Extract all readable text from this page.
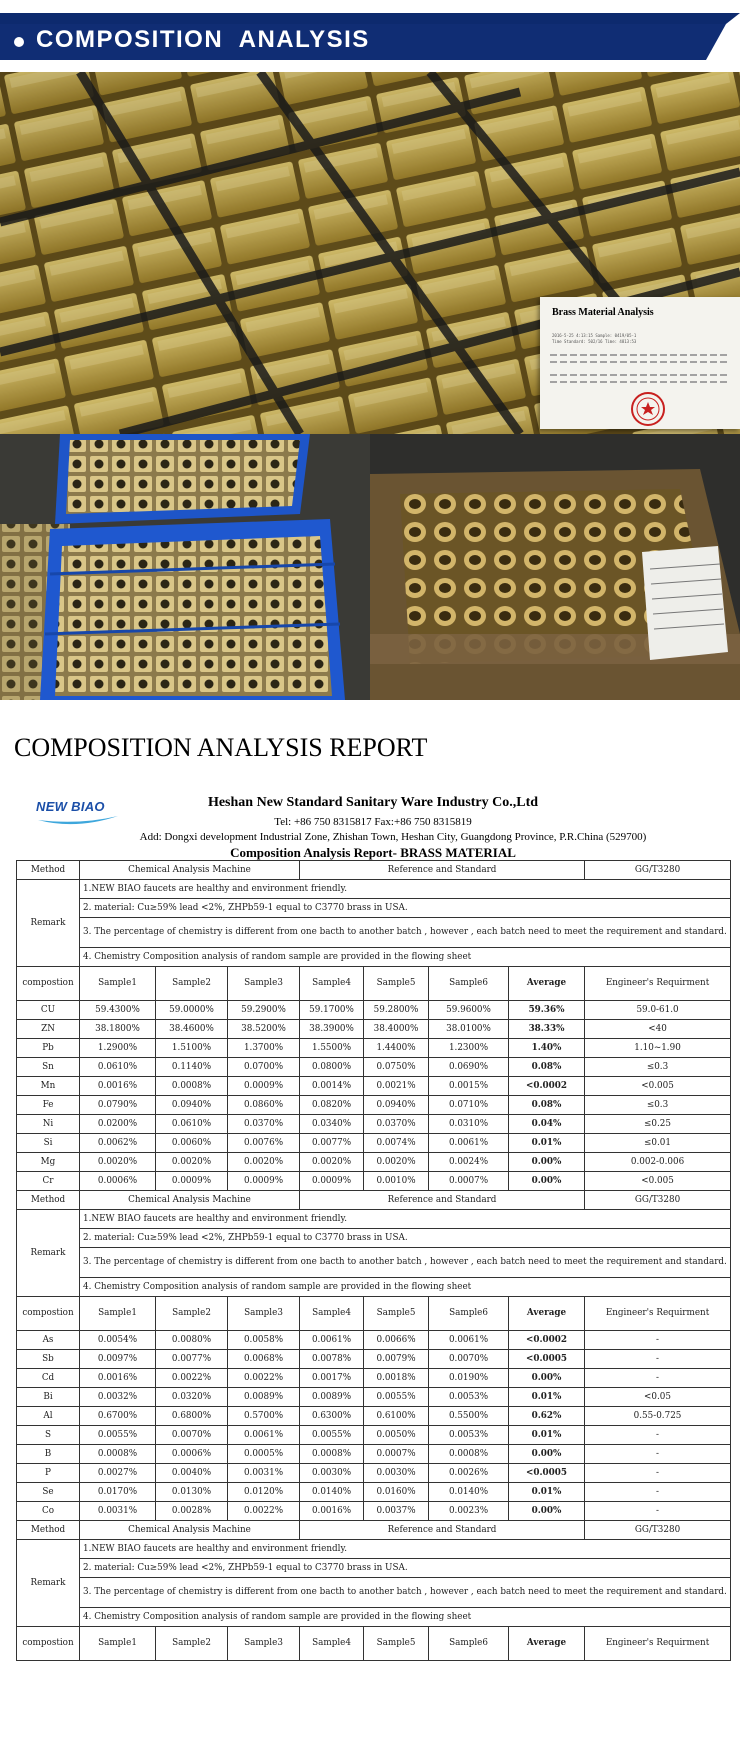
COMPOSITION  ANALYSIS
Brass Material Analysis
2016-5-25 4:13:15 Sample: 0419/05-1
Time Standard: 502/16 Time: 4813:53
COMPOSITION ANALYSIS REPORT
NEW BIAO	Heshan New Standard Sanitary Ware Industry Co.,Ltd
Tel: +86 750 8315817 Fax:+86 750 8315819
Add: Dongxi development Industrial Zone, Zhishan Town, Heshan City, Guangdong Province, P.R.China (529700)
Composition Analysis Report- BRASS MATERIAL
Method	Chemical Analysis Machine			Reference and Standard				GG/T3280
Remark	1.NEW BIAO faucets are healthy and environment friendly.							
	2. material: Cu≥59% lead <2%, ZHPb59-1 equal to C3770 brass in USA.							
	3. The percentage of chemistry is different from one bacth to another batch , however , each batch need to meet the requirement and standard.							
	4. Chemistry Composition analysis of random sample are provided in the flowing sheet							
compostion	Sample1	Sample2	Sample3	Sample4	Sample5	Sample6	Average	Engineer's Requirment
CU	59.4300%	59.0000%	59.2900%	59.1700%	59.2800%	59.9600%	59.36%	59.0-61.0
ZN	38.1800%	38.4600%	38.5200%	38.3900%	38.4000%	38.0100%	38.33%	<40
Pb	1.2900%	1.5100%	1.3700%	1.5500%	1.4400%	1.2300%	1.40%	1.10~1.90
Sn	0.0610%	0.1140%	0.0700%	0.0800%	0.0750%	0.0690%	0.08%	≤0.3
Mn	0.0016%	0.0008%	0.0009%	0.0014%	0.0021%	0.0015%	<0.0002	<0.005
Fe	0.0790%	0.0940%	0.0860%	0.0820%	0.0940%	0.0710%	0.08%	≤0.3
Ni	0.0200%	0.0610%	0.0370%	0.0340%	0.0370%	0.0310%	0.04%	≤0.25
Si	0.0062%	0.0060%	0.0076%	0.0077%	0.0074%	0.0061%	0.01%	≤0.01
Mg	0.0020%	0.0020%	0.0020%	0.0020%	0.0020%	0.0024%	0.00%	0.002-0.006
Cr	0.0006%	0.0009%	0.0009%	0.0009%	0.0010%	0.0007%	0.00%	<0.005
Method	Chemical Analysis Machine			Reference and Standard				GG/T3280
Remark	1.NEW BIAO faucets are healthy and environment friendly.							
	2. material: Cu≥59% lead <2%, ZHPb59-1 equal to C3770 brass in USA.							
	3. The percentage of chemistry is different from one bacth to another batch , however , each batch need to meet the requirement and standard.							
	4. Chemistry Composition analysis of random sample are provided in the flowing sheet							
compostion	Sample1	Sample2	Sample3	Sample4	Sample5	Sample6	Average	Engineer's Requirment
As	0.0054%	0.0080%	0.0058%	0.0061%	0.0066%	0.0061%	<0.0002	-
Sb	0.0097%	0.0077%	0.0068%	0.0078%	0.0079%	0.0070%	<0.0005	-
Cd	0.0016%	0.0022%	0.0022%	0.0017%	0.0018%	0.0190%	0.00%	-
Bi	0.0032%	0.0320%	0.0089%	0.0089%	0.0055%	0.0053%	0.01%	<0.05
Al	0.6700%	0.6800%	0.5700%	0.6300%	0.6100%	0.5500%	0.62%	0.55-0.725
S	0.0055%	0.0070%	0.0061%	0.0055%	0.0050%	0.0053%	0.01%	-
B	0.0008%	0.0006%	0.0005%	0.0008%	0.0007%	0.0008%	0.00%	-
P	0.0027%	0.0040%	0.0031%	0.0030%	0.0030%	0.0026%	<0.0005	-
Se	0.0170%	0.0130%	0.0120%	0.0140%	0.0160%	0.0140%	0.01%	-
Co	0.0031%	0.0028%	0.0022%	0.0016%	0.0037%	0.0023%	0.00%	-
Method	Chemical Analysis Machine			Reference and Standard				GG/T3280
Remark	1.NEW BIAO faucets are healthy and environment friendly.							
	2. material: Cu≥59% lead <2%, ZHPb59-1 equal to C3770 brass in USA.							
	3. The percentage of chemistry is different from one bacth to another batch , however , each batch need to meet the requirement and standard.							
	4. Chemistry Composition analysis of random sample are provided in the flowing sheet							
compostion	Sample1	Sample2	Sample3	Sample4	Sample5	Sample6	Average	Engineer's Requirment
